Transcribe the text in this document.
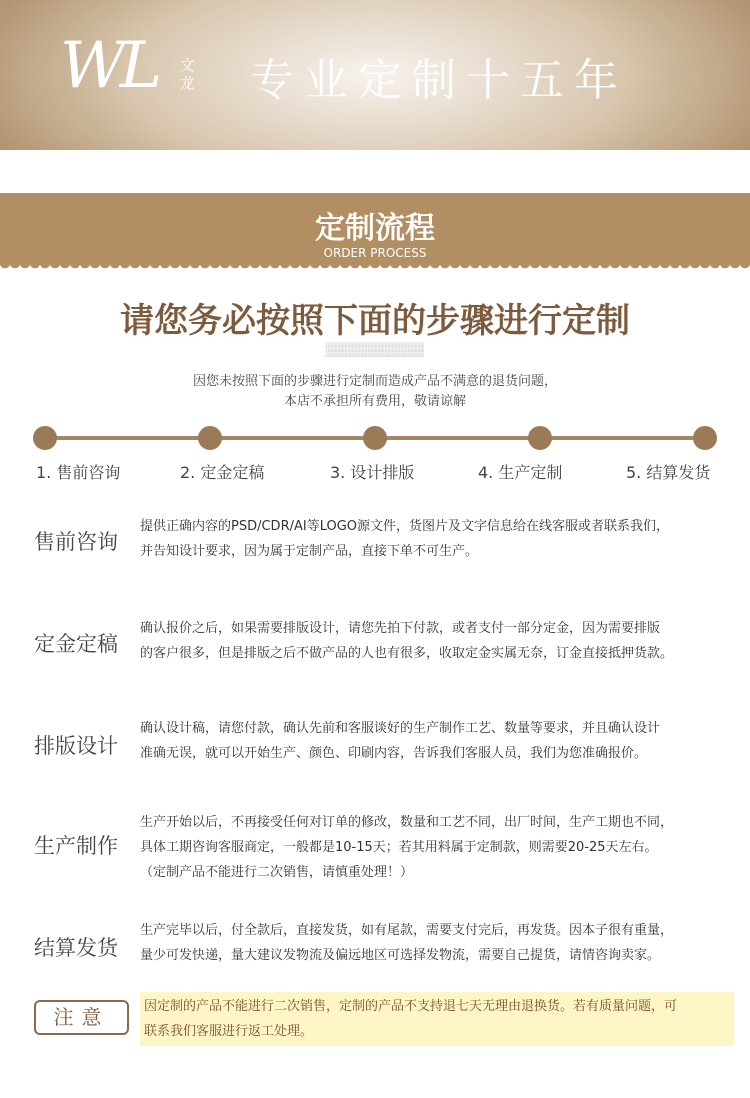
WL 文龙 专业定制十五年
定制流程
ORDER PROCESS
请您务必按照下面的步骤进行定制
░░░░░░░░░░░░░░░░░░░░░░░░░░░░░░░░
░░░░░░░░░░░░░░░░░░░░░░░░░░░░░░░░
░░░░░░░░░░░░░░░░░░░░░░░░░░░░░░░░
因您未按照下面的步骤进行定制而造成产品不满意的退货问题，
本店不承担所有费用，敬请谅解
1. 售前咨询	2. 定金定稿	3. 设计排版	4. 生产定制	5. 结算发货
售前咨询
提供正确内容的PSD/CDR/AI等LOGO源文件，货图片及文字信息给在线客服或者联系我们，
并告知设计要求，因为属于定制产品，直接下单不可生产。
定金定稿
确认报价之后，如果需要排版设计，请您先拍下付款，或者支付一部分定金，因为需要排版
的客户很多，但是排版之后不做产品的人也有很多，收取定金实属无奈，订金直接抵押货款。
排版设计
确认设计稿，请您付款，确认先前和客服谈好的生产制作工艺、数量等要求，并且确认设计
准确无误，就可以开始生产、颜色、印刷内容，告诉我们客服人员，我们为您准确报价。
生产制作
生产开始以后，不再接受任何对订单的修改，数量和工艺不同，出厂时间，生产工期也不同，
具体工期咨询客服商定，一般都是10-15天；若其用料属于定制款，则需要20-25天左右。
（定制产品不能进行二次销售，请慎重处理！）
结算发货
生产完毕以后，付全款后，直接发货，如有尾款，需要支付完后，再发货。因本子很有重量，
量少可发快递，量大建议发物流及偏远地区可选择发物流，需要自己提货，请情咨询卖家。
注意	因定制的产品不能进行二次销售，定制的产品不支持退七天无理由退换货。若有质量问题，可
联系我们客服进行返工处理。
